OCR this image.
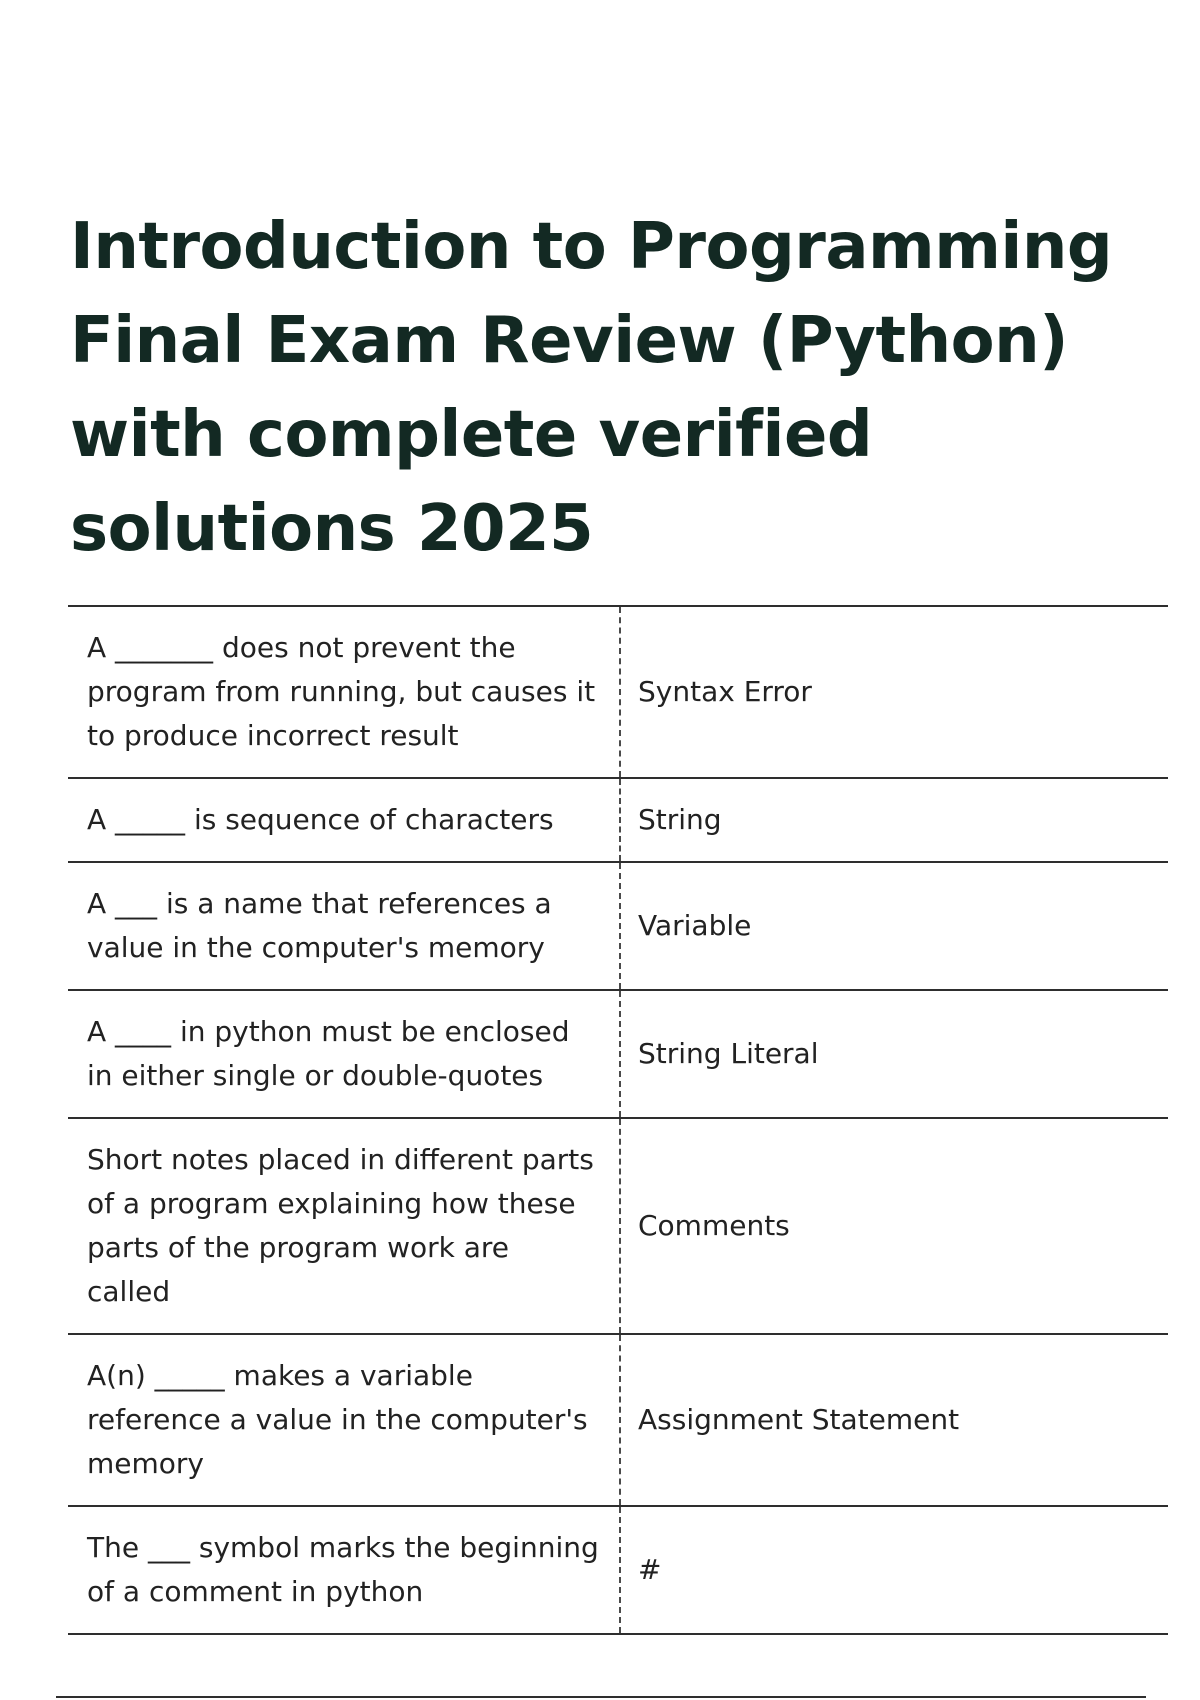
Introduction to Programming Final Exam Review (Python) with complete verified solutions 2025
A _______ does not prevent the program from running, but causes it to produce incorrect result	Syntax Error
A _____ is sequence of characters	String
A ___ is a name that references a value in the computer's memory	Variable
A ____ in python must be enclosed in either single or double-quotes	String Literal
Short notes placed in different parts of a program explaining how these parts of the program work are called	Comments
A(n) _____ makes a variable reference a value in the computer's memory	Assignment Statement
The ___ symbol marks the beginning of a comment in python	#
